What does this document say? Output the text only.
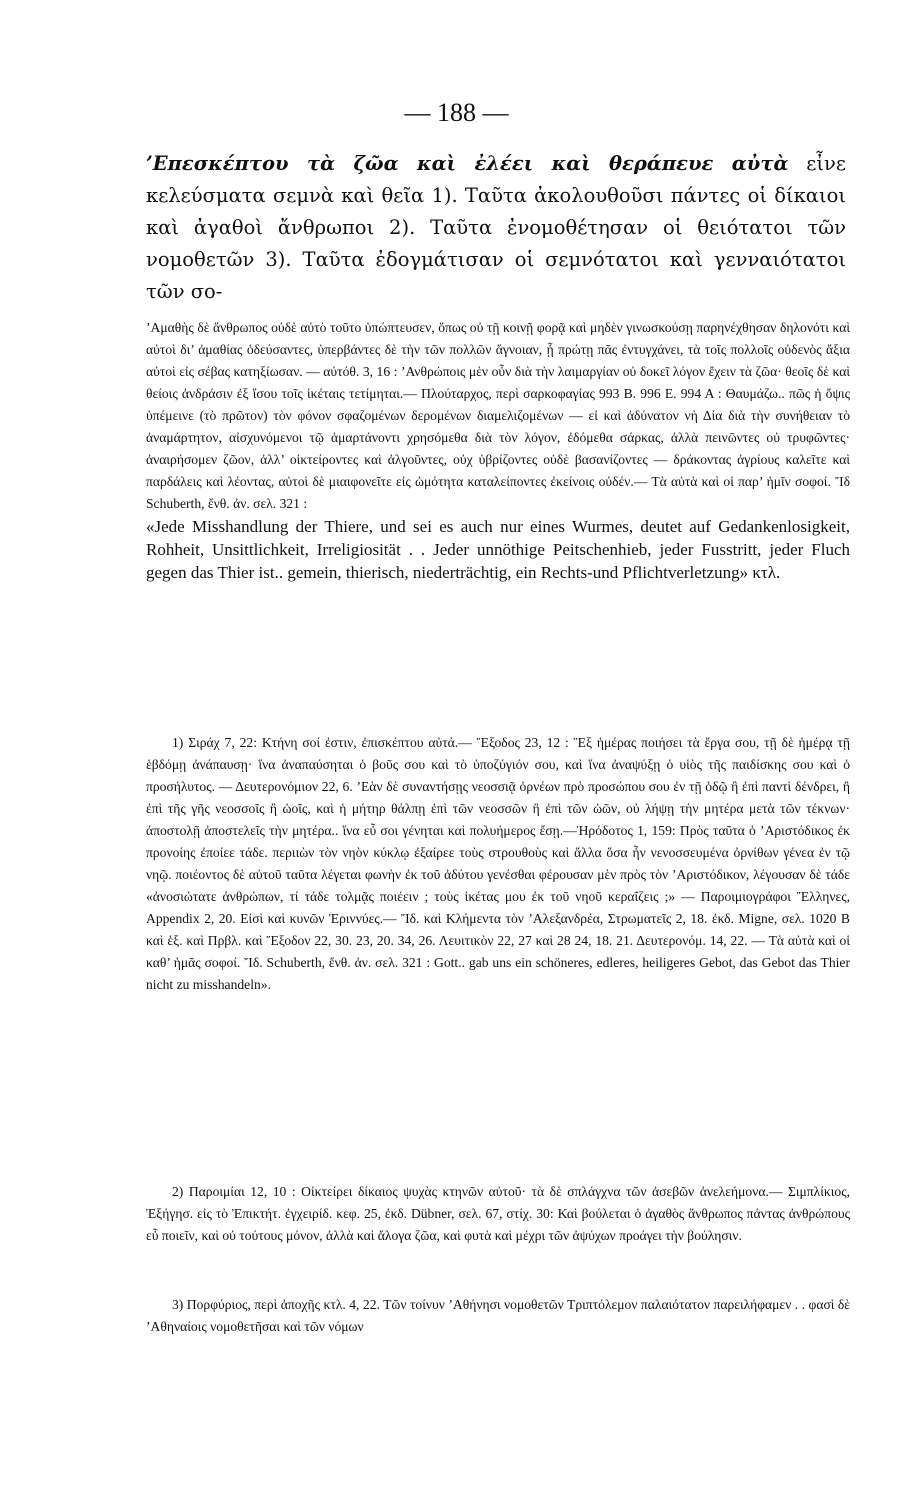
— 188 —
’Επεσκέπτου τὰ ζῶα καὶ ἐλέει καὶ θεράπευε αὐτὰ εἶνε κελεύσματα σεμνὰ καὶ θεῖα 1). Ταῦτα ἀκολουθοῦσι πάντες οἱ δίκαιοι καὶ ἀγαθοὶ ἄνθρωποι 2). Ταῦτα ἐνομοθέτησαν οἱ θειότατοι τῶν νομοθετῶν 3). Ταῦτα ἐδογμάτισαν οἱ σεμνότατοι καὶ γενναιότατοι τῶν σο-

’Αμαθὴς δὲ ἄνθρωπος οὐδὲ αὐτὸ τοῦτο ὑπώπτευσεν, ὅπως οὐ τῇ κοινῇ φορᾷ καὶ μηδὲν γινωσκούσῃ παρηνέχθησαν δηλονότι καὶ αὐτοὶ δι’ ἀμαθίας ὁδεύσαντες, ὑπερβάντες δὲ τὴν τῶν πολλῶν ἄγνοιαν, ᾗ πρώτῃ πᾶς ἐντυγχάνει, τὰ τοῖς πολλοῖς οὐδενὸς ἄξια αὐτοὶ εἰς σέβας κατηξίωσαν. — αὐτόθ. 3, 16 : ’Ανθρώποις μὲν οὖν διὰ τὴν λαιμαργίαν οὐ δοκεῖ λόγον ἔχειν τὰ ζῶα· θεοῖς δὲ καὶ θείοις ἀνδράσιν ἐξ ἴσου τοῖς ἱκέταις τετίμηται.— Πλούταρχος, περὶ σαρκοφαγίας 993 B. 996 E. 994 A : Θαυμάζω.. πῶς ἡ ὄψις ὑπέμεινε (τὸ πρῶτον) τὸν φόνον σφαζομένων δερομένων διαμελιζομένων — εἰ καὶ ἀδύνατον νὴ Δία διὰ τὴν συνήθειαν τὸ ἀναμάρτητον, αἰσχυνόμενοι τῷ ἁμαρτάνοντι χρησόμεθα διὰ τὸν λόγον, ἐδόμεθα σάρκας, ἀλλὰ πεινῶντες οὐ τρυφῶντες· ἀναιρήσομεν ζῶον, ἀλλ’ οἰκτείροντες καὶ ἀλγοῦντες, οὐχ ὑβρίζοντες οὐδὲ βασανίζοντες — δράκοντας ἀγρίους καλεῖτε καὶ παρδάλεις καὶ λέοντας, αὐτοὶ δὲ μιαιφονεῖτε εἰς ὠμότητα καταλείποντες ἐκείνοις οὐδέν.— Τὰ αὐτὰ καὶ οἱ παρ’ ἡμῖν σοφοί. Ἴδ Schuberth, ἔνθ. ἀν. σελ. 321 :

«Jede Misshandlung der Thiere, und sei es auch nur eines Wurmes, deutet auf Gedankenlosigkeit, Rohheit, Unsittlichkeit, Irreligiosität . . Jeder unnöthige Peitschenhieb, jeder Fusstritt, jeder Fluch gegen das Thier ist.. gemein, thierisch, niederträchtig, ein Rechts-und Pflichtverletzung» κτλ.

1) Σιράχ 7, 22: Κτήνη σοί ἐστιν, ἐπισκέπτου αὐτά.— Ἔξοδος 23, 12 : Ἓξ ἡμέρας ποιήσει τὰ ἔργα σου, τῇ δὲ ἡμέρᾳ τῇ ἑβδόμῃ ἀνάπαυσῃ· ἵνα ἀναπαύσηται ὁ βοῦς σου καὶ τὸ ὑποζύγιόν σου, καὶ ἵνα ἀναψύξῃ ὁ υἱὸς τῆς παιδίσκης σου καὶ ὁ προσήλυτος. — Δευτερονόμιον 22, 6. ’Εὰν δὲ συναντήσῃς νεοσσιᾷ ὀρνέων πρὸ προσώπου σου ἐν τῇ ὁδῷ ἢ ἐπὶ παντὶ δένδρει, ἢ ἐπὶ τῆς γῆς νεοσσοῖς ἢ ὠοῖς, καὶ ἡ μήτηρ θάλπῃ ἐπὶ τῶν νεοσσῶν ἢ ἐπὶ τῶν ὠῶν, οὐ λήψῃ τὴν μητέρα μετὰ τῶν τέκνων· ἀποστολῇ ἀποστελεῖς τὴν μητέρα.. ἵνα εὖ σοι γένηται καὶ πολυήμερος ἔσῃ.—Ἡρόδοτος 1, 159: Πρὸς ταῦτα ὁ ’Αριστόδικος ἐκ προνοίης ἐποίεε τάδε. περιιὼν τὸν νηὸν κύκλῳ ἐξαίρεε τοὺς στρουθοὺς καὶ ἄλλα ὅσα ἦν νενοσσευμένα ὀρνίθων γένεα ἐν τῷ νηῷ. ποιέοντος δὲ αὐτοῦ ταῦτα λέγεται φωνὴν ἐκ τοῦ ἀδύτου γενέσθαι φέρουσαν μὲν πρὸς τὸν ’Αριστόδικον, λέγουσαν δὲ τάδε «ἀνοσιώτατε ἀνθρώπων, τί τάδε τολμᾷς ποιέειν ; τοὺς ἱκέτας μου ἐκ τοῦ νηοῦ κεραΐζεις ;» — Παροιμιογράφοι Ἕλληνες, Appendix 2, 20. Εἰσὶ καὶ κυνῶν Ἐριννύες.— Ἴδ. καὶ Κλήμεντα τὸν ’Αλεξανδρέα, Στρωματεῖς 2, 18. ἐκδ. Migne, σελ. 1020 B καὶ ἑξ. καὶ Πρβλ. καὶ Ἔξοδον 22, 30. 23, 20. 34, 26. Λευιτικὸν 22, 27 καὶ 28 24, 18. 21. Δευτερονόμ. 14, 22. — Τὰ αὐτὰ καὶ οἱ καθ’ ἡμᾶς σοφοί. Ἴδ. Schuberth, ἔνθ. ἀν. σελ. 321 : Gott.. gab uns ein schöneres, edleres, heiligeres Gebot, das Gebot das Thier nicht zu misshandeln».
2) Παροιμίαι 12, 10 : Οἰκτείρει δίκαιος ψυχὰς κτηνῶν αὐτοῦ· τὰ δὲ σπλάγχνα τῶν ἀσεβῶν ἀνελεήμονα.— Σιμπλίκιος, Ἐξήγησ. εἰς τὸ Ἐπικτήτ. ἐγχειρίδ. κεφ. 25, ἐκδ. Dübner, σελ. 67, στίχ. 30: Καὶ βούλεται ὁ ἀγαθὸς ἄνθρωπος πάντας ἀνθρώπους εὖ ποιεῖν, καὶ οὐ τούτους μόνον, ἀλλὰ καὶ ἄλογα ζῶα, καὶ φυτὰ καὶ μέχρι τῶν ἀψύχων προάγει τὴν βούλησιν.
3) Πορφύριος, περὶ ἀποχῆς κτλ. 4, 22. Τῶν τοίνυν ’Αθήνησι νομοθετῶν Τριπτόλεμον παλαιότατον παρειλήφαμεν . . φασὶ δὲ ’Αθηναίοις νομοθετῆσαι καὶ τῶν νόμων
